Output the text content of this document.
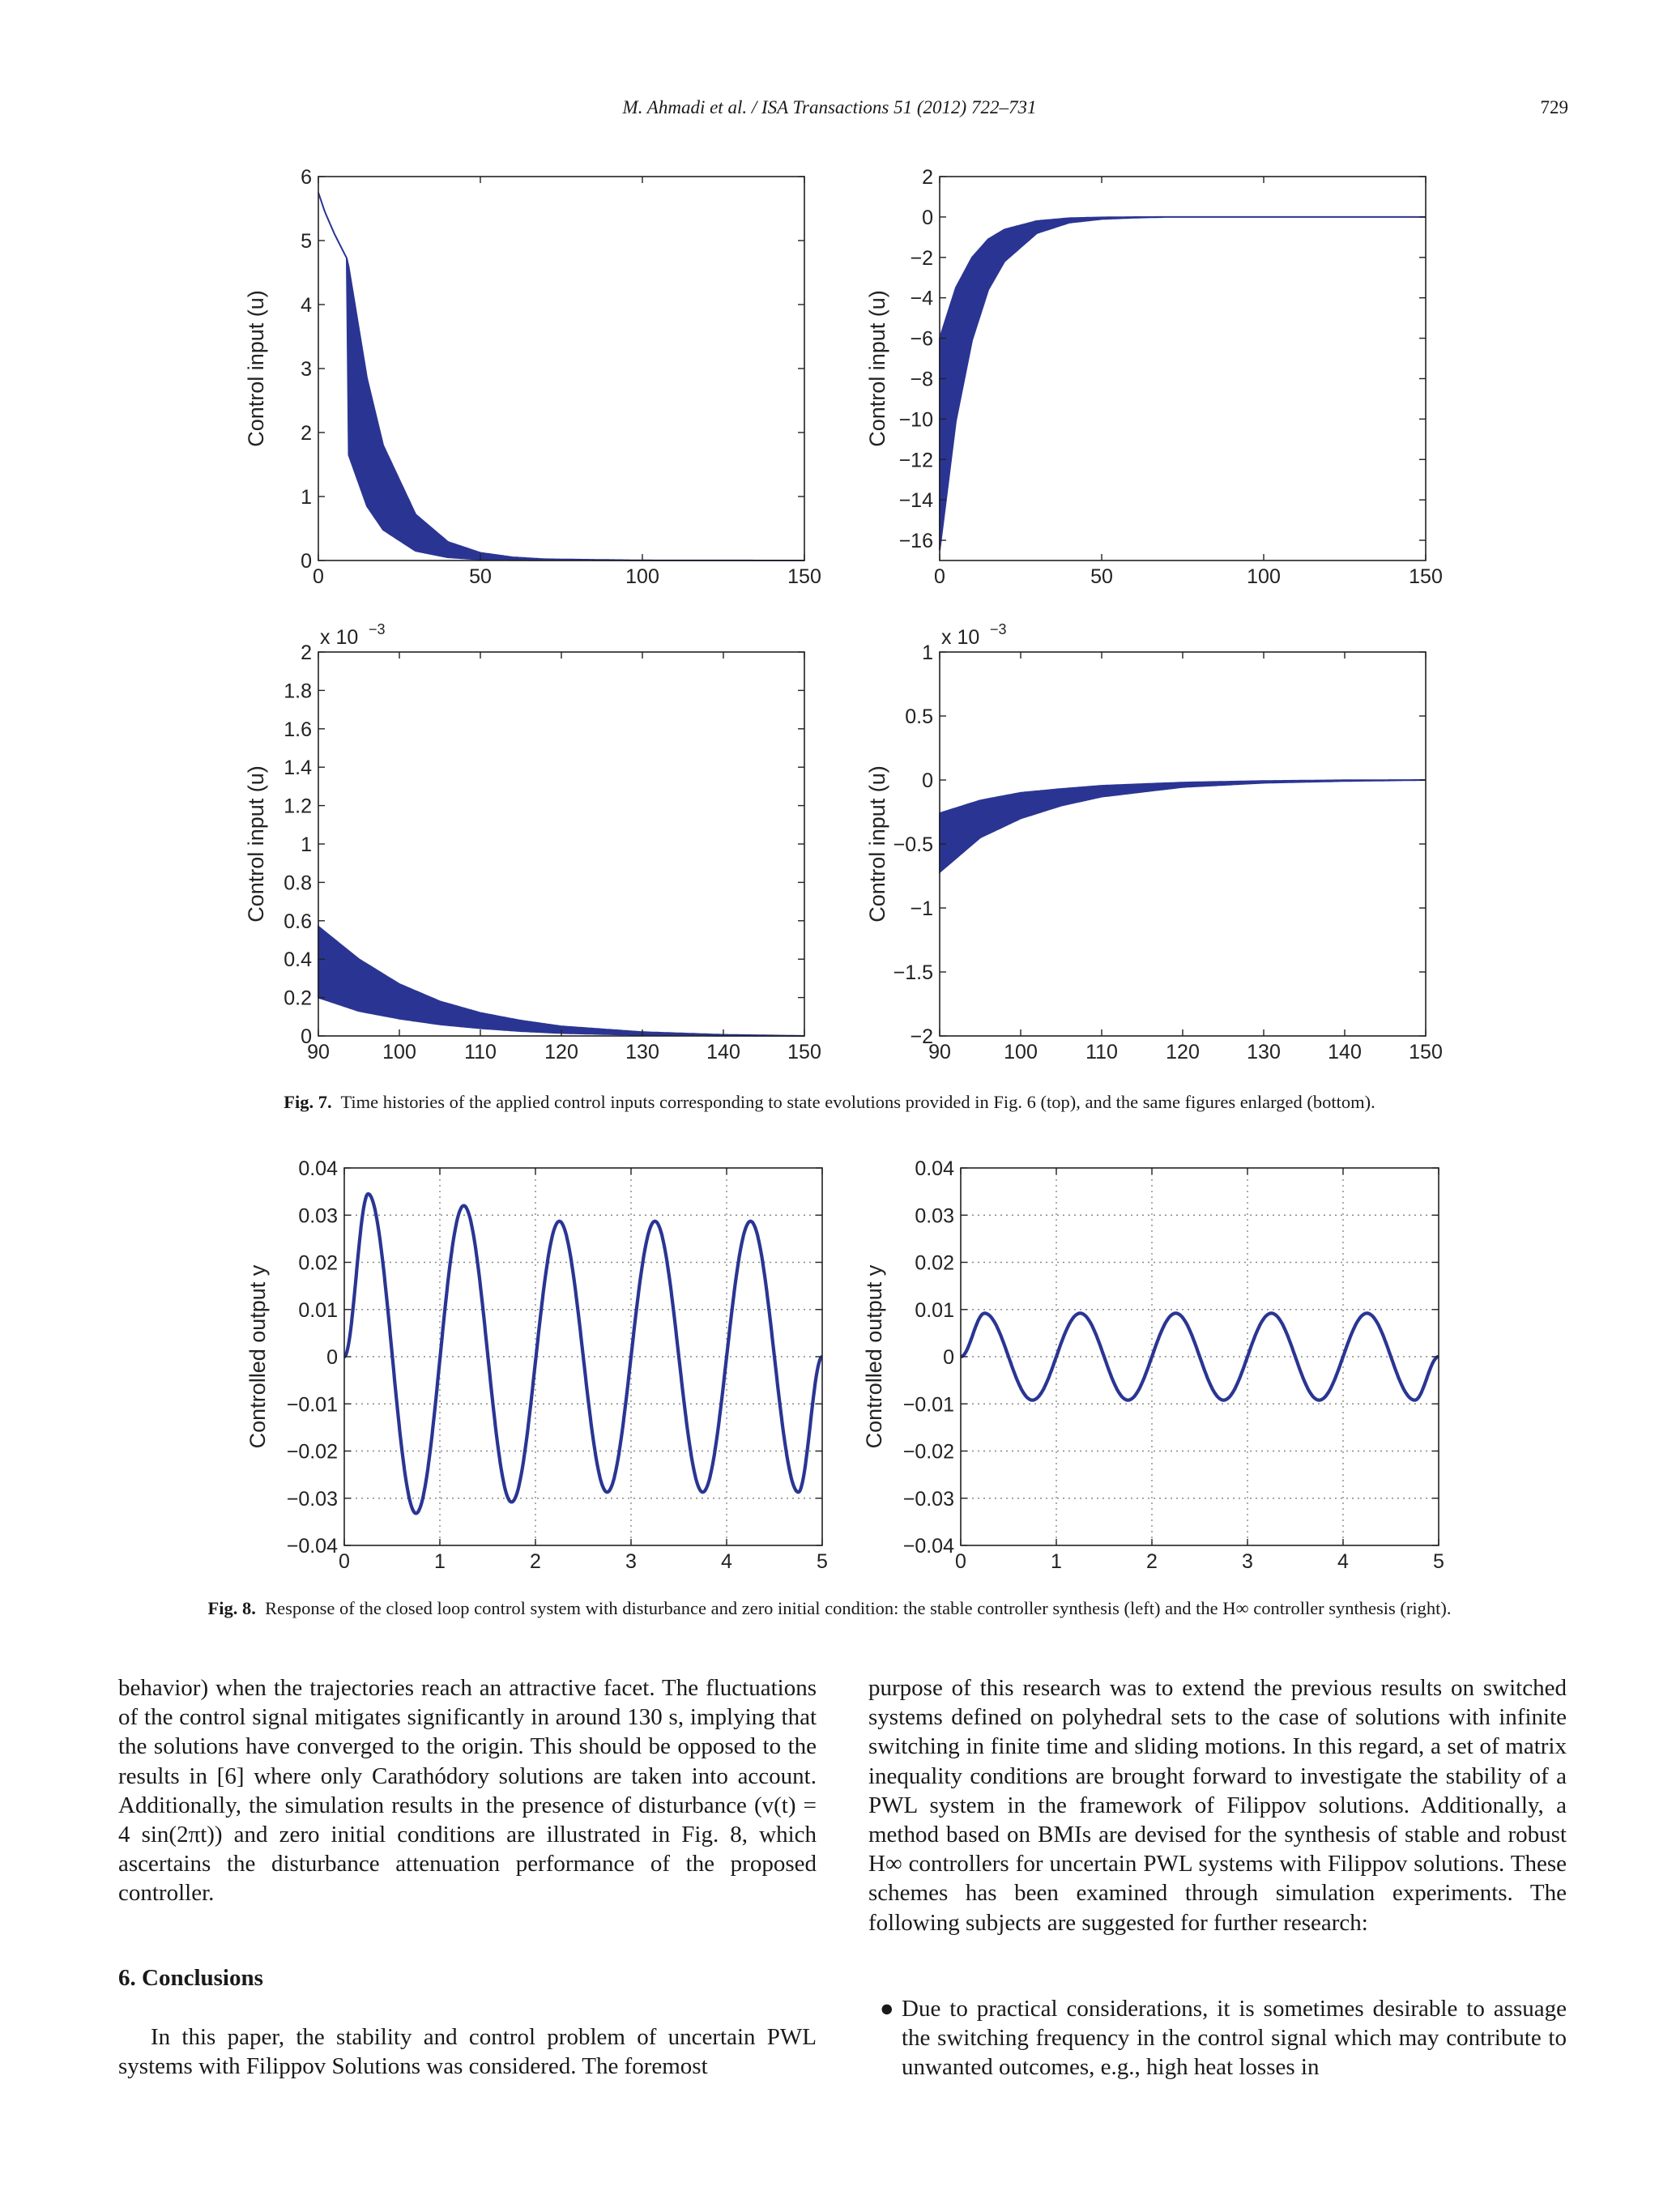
M. Ahmadi et al. / ISA Transactions 51 (2012) 722–731	729
0	50	100	150
0
1
2
3
4
5
6
Control input (u)
0	50	100	150
2
0
−2
−4
−6
−8
−10
−12
−14
−16
Control input (u)
90	100 110 120 130 140 150
0
0.2
0.4
0.6
0.8
1
1.2
1.4
1.6
1.8
2
Control input (u)
x 10 −3
90	100 110 120 130 140 150
1
0.5
0
−0.5
−1
−1.5
−2
Control input (u)
x 10 −3
Fig. 7. Time histories of the applied control inputs corresponding to state evolutions provided in Fig. 6 (top), and the same figures enlarged (bottom).
0	1	2	3	4	5
0.04
0.03
0.02
0.01
0
−0.01
−0.02
−0.03
−0.04
Controlled output y
0	1	2	3	4	5
0.04
0.03
0.02
0.01
0
−0.01
−0.02
−0.03
−0.04
Controlled output y
Fig. 8. Response of the closed loop control system with disturbance and zero initial condition: the stable controller synthesis (left) and the H∞ controller synthesis (right).

behavior) when the trajectories reach an attractive facet. The fluctuations of the control signal mitigates significantly in around 130 s, implying that the solutions have converged to the origin. This should be opposed to the results in [6] where only Carathódory solutions are taken into account. Additionally, the simulation results in the presence of disturbance (v(t) = 4 sin(2πt)) and zero initial conditions are illustrated in Fig. 8, which ascertains the disturbance attenuation performance of the proposed controller.

6. Conclusions
In this paper, the stability and control problem of uncertain PWL systems with Filippov Solutions was considered. The foremost

purpose of this research was to extend the previous results on switched systems defined on polyhedral sets to the case of solutions with infinite switching in finite time and sliding motions. In this regard, a set of matrix inequality conditions are brought forward to investigate the stability of a PWL system in the framework of Filippov solutions. Additionally, a method based on BMIs are devised for the synthesis of stable and robust H∞ controllers for uncertain PWL systems with Filippov solutions. These schemes has been examined through simulation experiments. The following subjects are suggested for further research:

● Due to practical considerations, it is sometimes desirable to assuage the switching frequency in the control signal which may contribute to unwanted outcomes, e.g., high heat losses in
